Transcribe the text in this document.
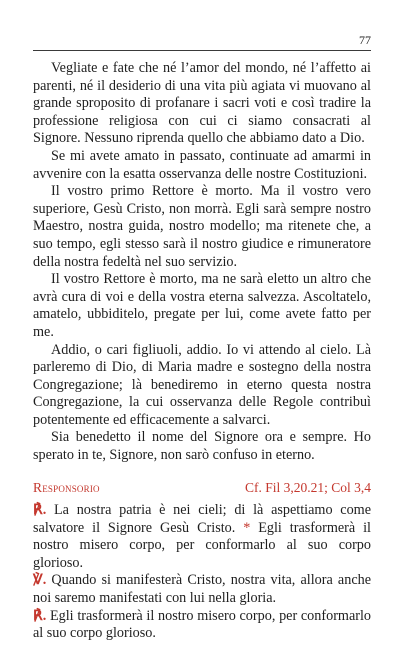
77

Vegliate e fate che né l’amor del mondo, né l’affetto ai parenti, né il desiderio di una vita più agiata vi muovano al grande sproposito di profanare i sacri voti e così tradire la professione religiosa con cui ci siamo consacrati al Signore. Nessuno riprenda quello che abbiamo dato a Dio.

Se mi avete amato in passato, continuate ad amarmi in avvenire con la esatta osservanza delle nostre Costituzioni.

Il vostro primo Rettore è morto. Ma il vostro vero superiore, Gesù Cristo, non morrà. Egli sarà sempre nostro Maestro, nostra guida, nostro modello; ma ritenete che, a suo tempo, egli stesso sarà il nostro giudice e rimuneratore della nostra fedeltà nel suo servizio.

Il vostro Rettore è morto, ma ne sarà eletto un altro che avrà cura di voi e della vostra eterna salvezza. Ascoltatelo, amatelo, ubbiditelo, pregate per lui, come avete fatto per me.

Addio, o cari figliuoli, addio. Io vi attendo al cielo. Là parleremo di Dio, di Maria madre e sostegno della nostra Congregazione; là benediremo in eterno questa nostra Congregazione, la cui osservanza delle Regole contribuì potentemente ed efficacemente a salvarci.

Sia benedetto il nome del Signore ora e sempre. Ho sperato in te, Signore, non sarò confuso in eterno.

Responsorio	Cf. Fil 3,20.21; Col 3,4

℟. La nostra patria è nei cieli; di là aspettiamo come salvatore il Signore Gesù Cristo. * Egli trasformerà il nostro misero corpo, per conformarlo al suo corpo glorioso.

℣. Quando si manifesterà Cristo, nostra vita, allora anche noi saremo manifestati con lui nella gloria.

℟. Egli trasformerà il nostro misero corpo, per conformarlo al suo corpo glorioso.
